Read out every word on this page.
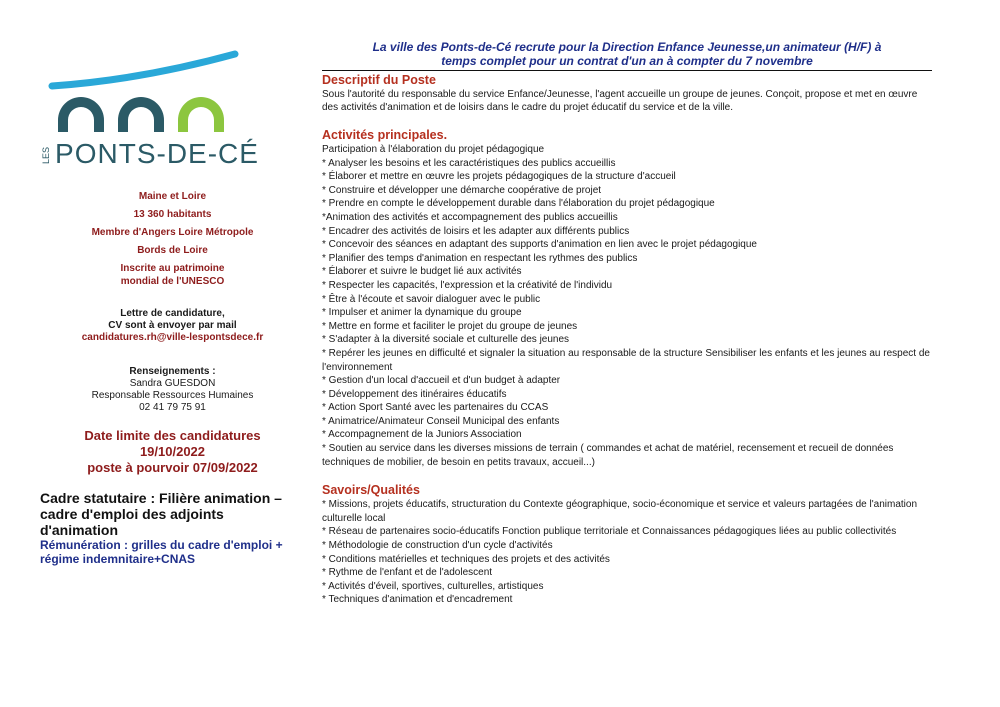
LES PONTS-DE-CÉ

Maine et Loire

13 360 habitants

Membre d'Angers Loire Métropole

Bords de Loire

Inscrite au patrimoine
mondial de l'UNESCO
Lettre de candidature,
CV sont à envoyer par mail
candidatures.rh@ville-lespontsdece.fr
Renseignements :
Sandra GUESDON
Responsable Ressources Humaines
02 41 79 75 91
Date limite des candidatures
19/10/2022
poste à pourvoir 07/09/2022
Cadre statutaire : Filière animation – cadre d'emploi des adjoints d'animation
Rémunération : grilles du cadre d'emploi + régime indemnitaire+CNAS
La ville des Ponts-de-Cé recrute pour la Direction Enfance Jeunesse,un animateur (H/F) à
temps complet pour un contrat d'un an à compter du 7 novembre
Descriptif du Poste
Sous l'autorité du responsable du service Enfance/Jeunesse, l'agent accueille un groupe de jeunes. Conçoit, propose et met en œuvre des activités d'animation et de loisirs dans le cadre du projet éducatif du service et de la ville.
Activités principales.
Participation à l'élaboration du projet pédagogique
* Analyser les besoins et les caractéristiques des publics accueillis
* Élaborer et mettre en œuvre les projets pédagogiques de la structure d'accueil
* Construire et développer une démarche coopérative de projet
* Prendre en compte le développement durable dans l'élaboration du projet pédagogique
*Animation des activités et accompagnement des publics accueillis
* Encadrer des activités de loisirs et les adapter aux différents publics
* Concevoir des séances en adaptant des supports d'animation en lien avec le projet pédagogique
* Planifier des temps d'animation en respectant les rythmes des publics
* Élaborer et suivre le budget lié aux activités
* Respecter les capacités, l'expression et la créativité de l'individu
* Être à l'écoute et savoir dialoguer avec le public
* Impulser et animer la dynamique du groupe
* Mettre en forme et faciliter le projet du groupe de jeunes
* S'adapter à la diversité sociale et culturelle des jeunes
* Repérer les jeunes en difficulté et signaler la situation au responsable de la structure Sensibiliser les enfants et les jeunes au respect de l'environnement
* Gestion d'un local d'accueil et d'un budget à adapter
* Développement des itinéraires éducatifs
* Action Sport Santé avec les partenaires du CCAS
* Animatrice/Animateur Conseil Municipal des enfants
* Accompagnement de la Juniors Association
* Soutien au service dans les diverses missions de terrain ( commandes et achat de matériel, recensement et recueil de données techniques de mobilier, de besoin en petits travaux, accueil...)
Savoirs/Qualités
* Missions, projets éducatifs, structuration du Contexte géographique, socio-économique et service et valeurs partagées de l'animation culturelle local
* Réseau de partenaires socio-éducatifs Fonction publique territoriale et Connaissances pédagogiques liées au public collectivités
* Méthodologie de construction d'un cycle d'activités
* Conditions matérielles et techniques des projets et des activités
* Rythme de l'enfant et de l'adolescent
* Activités d'éveil, sportives, culturelles, artistiques
* Techniques d'animation et d'encadrement
